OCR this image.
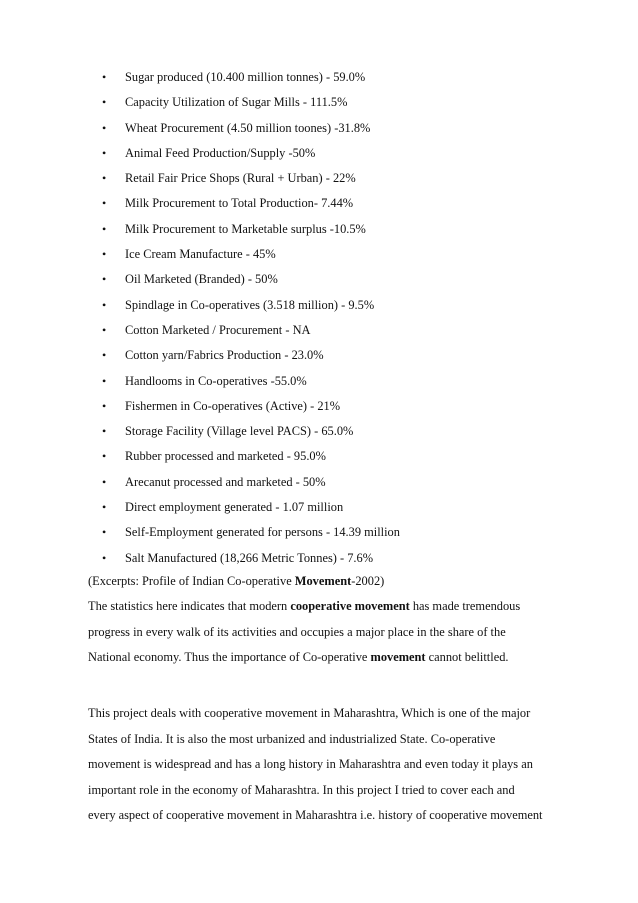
• Sugar produced (10.400 million tonnes) - 59.0%
• Capacity Utilization of Sugar Mills - 111.5%
• Wheat Procurement (4.50 million toones) -31.8%
• Animal Feed Production/Supply -50%
• Retail Fair Price Shops (Rural + Urban) - 22%
• Milk Procurement to Total Production- 7.44%
• Milk Procurement to Marketable surplus -10.5%
• Ice Cream Manufacture - 45%
• Oil Marketed (Branded) - 50%
• Spindlage in Co-operatives (3.518 million) - 9.5%
• Cotton Marketed / Procurement - NA
• Cotton yarn/Fabrics Production - 23.0%
• Handlooms in Co-operatives -55.0%
• Fishermen in Co-operatives (Active) - 21%
• Storage Facility (Village level PACS) - 65.0%
• Rubber processed and marketed - 95.0%
• Arecanut processed and marketed - 50%
• Direct employment generated - 1.07 million
• Self-Employment generated for persons - 14.39 million
• Salt Manufactured (18,266 Metric Tonnes) - 7.6%
(Excerpts: Profile of Indian Co-operative Movement-2002)
The statistics here indicates that modern cooperative movement has made tremendous
progress in every walk of its activities and occupies a major place in the share of the
National economy. Thus the importance of Co-operative movement cannot belittled.
This project deals with cooperative movement in Maharashtra, Which is one of the major
States of India. It is also the most urbanized and industrialized State. Co-operative
movement is widespread and has a long history in Maharashtra and even today it plays an
important role in the economy of Maharashtra. In this project I tried to cover each and
every aspect of cooperative movement in Maharashtra i.e. history of cooperative movement
